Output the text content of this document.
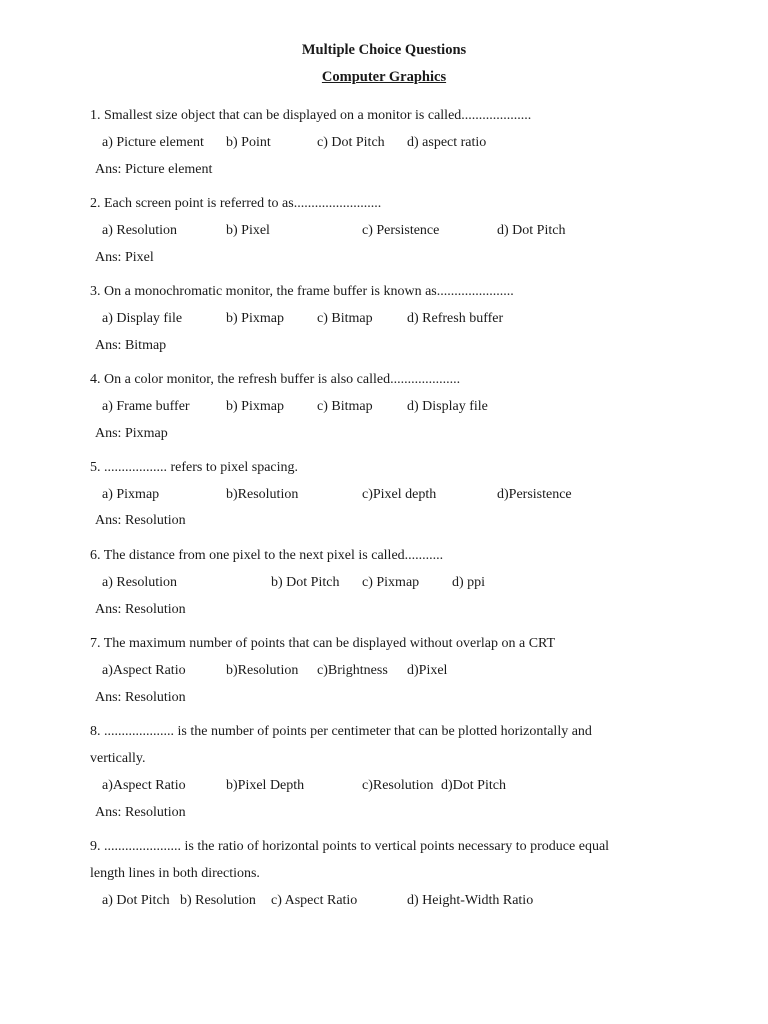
Multiple Choice Questions
Computer Graphics
1. Smallest size object that can be displayed on a monitor is called....................
a) Picture element b) Point	c) Dot Pitch d) aspect ratio
Ans: Picture element
2. Each screen point is referred to as.........................
a) Resolution	b) Pixel	c) Persistence	d) Dot Pitch
Ans: Pixel
3. On a monochromatic monitor, the frame buffer is known as......................
a) Display file	b) Pixmap c) Bitmap d) Refresh buffer
Ans: Bitmap
4. On a color monitor, the refresh buffer is also called....................
a) Frame buffer	b) Pixmap c) Bitmap d) Display file
Ans: Pixmap
5. .................. refers to pixel spacing.
a) Pixmap	b)Resolution	c)Pixel depth	d)Persistence
Ans: Resolution
6. The distance from one pixel to the next pixel is called...........
a) Resolution	b) Dot Pitch c) Pixmap d) ppi
Ans: Resolution
7. The maximum number of points that can be displayed without overlap on a CRT
a)Aspect Ratio	b)Resolution c)Brightness d)Pixel
Ans: Resolution
8. .................... is the number of points per centimeter that can be plotted horizontally and
vertically.
a)Aspect Ratio	b)Pixel Depth	c)Resolution d)Dot Pitch
Ans: Resolution
9. ...................... is the ratio of horizontal points to vertical points necessary to produce equal
length lines in both directions.
a) Dot Pitch b) Resolution c) Aspect Ratio	d) Height-Width Ratio
